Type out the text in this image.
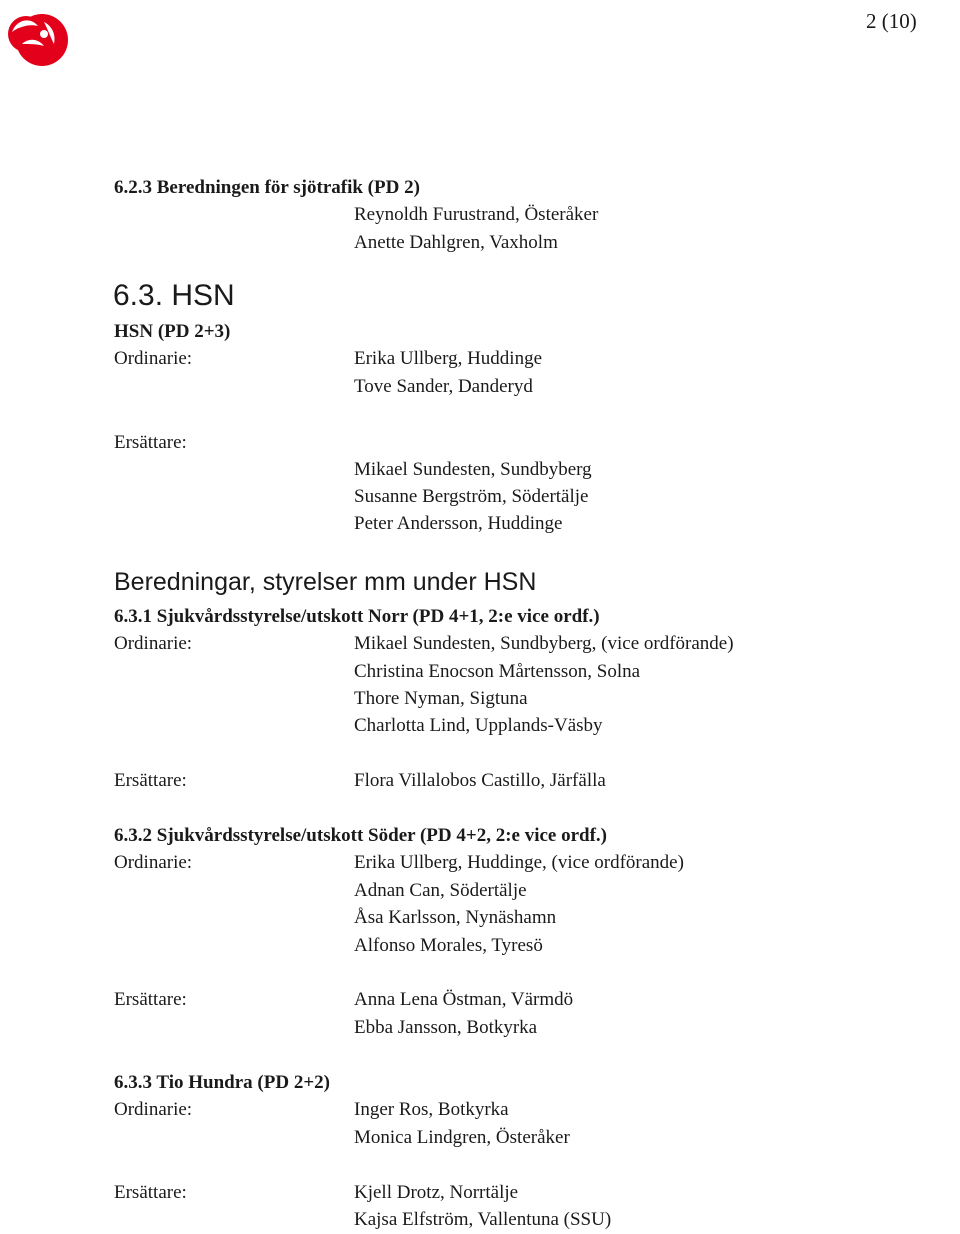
2 (10)
6.2.3 Beredningen för sjötrafik (PD 2)
Reynoldh Furustrand, Österåker
Anette Dahlgren, Vaxholm
6.3. HSN
HSN (PD 2+3)
Ordinarie:	Erika Ullberg, Huddinge
Tove Sander, Danderyd
Ersättare:
Mikael Sundesten, Sundbyberg
Susanne Bergström, Södertälje
Peter Andersson, Huddinge
Beredningar, styrelser mm under HSN
6.3.1 Sjukvårdsstyrelse/utskott Norr (PD 4+1, 2:e vice ordf.)
Ordinarie:	Mikael Sundesten, Sundbyberg, (vice ordförande)
Christina Enocson Mårtensson, Solna
Thore Nyman, Sigtuna
Charlotta Lind, Upplands-Väsby
Ersättare:	Flora Villalobos Castillo, Järfälla
6.3.2 Sjukvårdsstyrelse/utskott Söder (PD 4+2, 2:e vice ordf.)
Ordinarie:	Erika Ullberg, Huddinge, (vice ordförande)
Adnan Can, Södertälje
Åsa Karlsson, Nynäshamn
Alfonso Morales, Tyresö
Ersättare:	Anna Lena Östman, Värmdö
Ebba Jansson, Botkyrka
6.3.3 Tio Hundra (PD 2+2)
Ordinarie:	Inger Ros, Botkyrka
Monica Lindgren, Österåker
Ersättare:	Kjell Drotz, Norrtälje
Kajsa Elfström, Vallentuna (SSU)
